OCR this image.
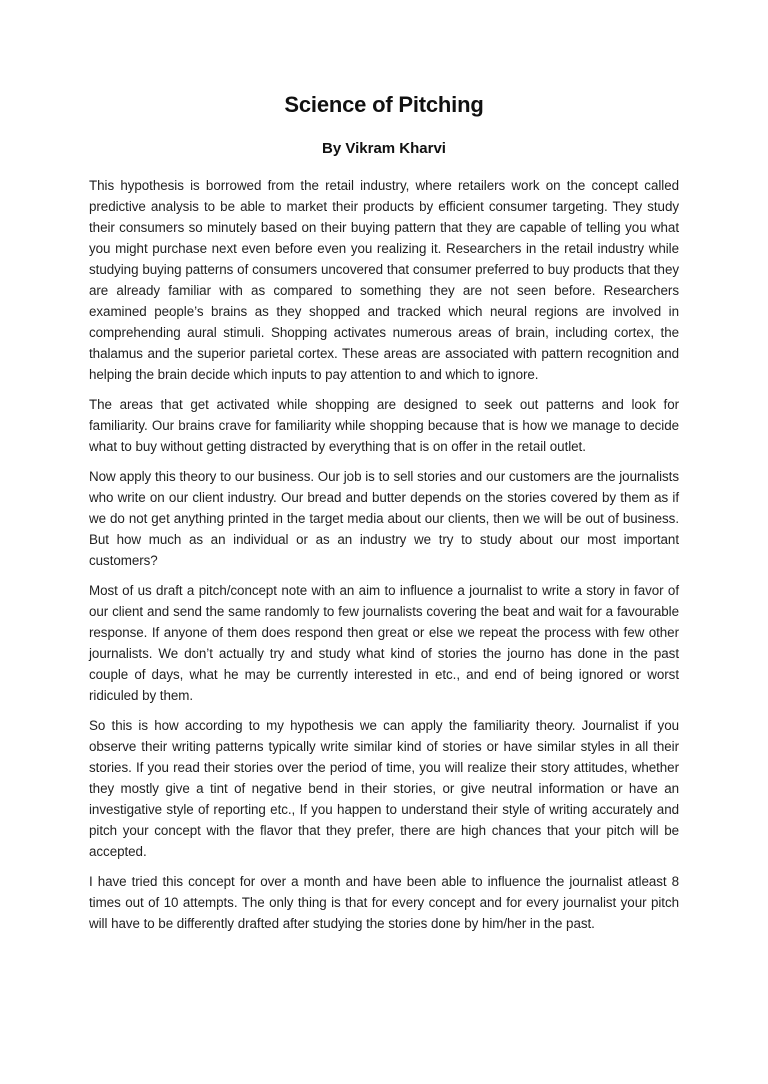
Science of Pitching
By Vikram Kharvi

This hypothesis is borrowed from the retail industry, where retailers work on the concept called predictive analysis to be able to market their products by efficient consumer targeting. They study their consumers so minutely based on their buying pattern that they are capable of telling you what you might purchase next even before even you realizing it. Researchers in the retail industry while studying buying patterns of consumers uncovered that consumer preferred to buy products that they are already familiar with as compared to something they are not seen before. Researchers examined people’s brains as they shopped and tracked which neural regions are involved in comprehending aural stimuli. Shopping activates numerous areas of brain, including cortex, the thalamus and the superior parietal cortex. These areas are associated with pattern recognition and helping the brain decide which inputs to pay attention to and which to ignore.

The areas that get activated while shopping are designed to seek out patterns and look for familiarity. Our brains crave for familiarity while shopping because that is how we manage to decide what to buy without getting distracted by everything that is on offer in the retail outlet.

Now apply this theory to our business. Our job is to sell stories and our customers are the journalists who write on our client industry. Our bread and butter depends on the stories covered by them as if we do not get anything printed in the target media about our clients, then we will be out of business. But how much as an individual or as an industry we try to study about our most important customers?

Most of us draft a pitch/concept note with an aim to influence a journalist to write a story in favor of our client and send the same randomly to few journalists covering the beat and wait for a favourable response. If anyone of them does respond then great or else we repeat the process with few other journalists. We don’t actually try and study what kind of stories the journo has done in the past couple of days, what he may be currently interested in etc., and end of being ignored or worst ridiculed by them.

So this is how according to my hypothesis we can apply the familiarity theory. Journalist if you observe their writing patterns typically write similar kind of stories or have similar styles in all their stories. If you read their stories over the period of time, you will realize their story attitudes, whether they mostly give a tint of negative bend in their stories, or give neutral information or have an investigative style of reporting etc., If you happen to understand their style of writing accurately and pitch your concept with the flavor that they prefer, there are high chances that your pitch will be accepted.

I have tried this concept for over a month and have been able to influence the journalist atleast 8 times out of 10 attempts. The only thing is that for every concept and for every journalist your pitch will have to be differently drafted after studying the stories done by him/her in the past.
